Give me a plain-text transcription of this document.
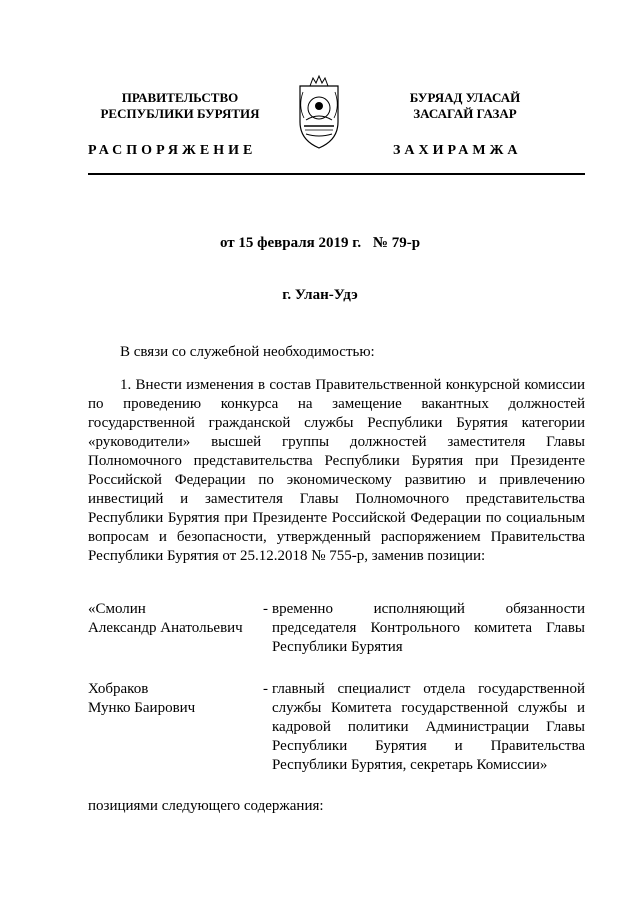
ПРАВИТЕЛЬСТВО
РЕСПУБЛИКИ БУРЯТИЯ
БУРЯАД УЛАСАЙ
ЗАСАГАЙ ГАЗАР
РАСПОРЯЖЕНИЕ	ЗАХИРАМЖА
от 15 февраля 2019 г. № 79-р
г. Улан-Удэ
В связи со служебной необходимостью:
1. Внести изменения в состав Правительственной конкурсной комиссии по проведению конкурса на замещение вакантных должностей государственной гражданской службы Республики Бурятия категории «руководители» высшей группы должностей заместителя Главы Полномочного представительства Республики Бурятия при Президенте Российской Федерации по экономическому развитию и привлечению инвестиций и заместителя Главы Полномочного представительства Республики Бурятия при Президенте Российской Федерации по социальным вопросам и безопасности, утвержденный распоряжением Правительства Республики Бурятия от 25.12.2018 № 755-р, заменив позиции:
«Смолин
Александр Анатольевич
- временно исполняющий обязанности председателя Контрольного комитета Главы Республики Бурятия
Хобраков
Мунко Баирович
- главный специалист отдела государственной службы Комитета государственной службы и кадровой политики Администрации Главы Республики Бурятия и Правительства Республики Бурятия, секретарь Комиссии»
позициями следующего содержания:
